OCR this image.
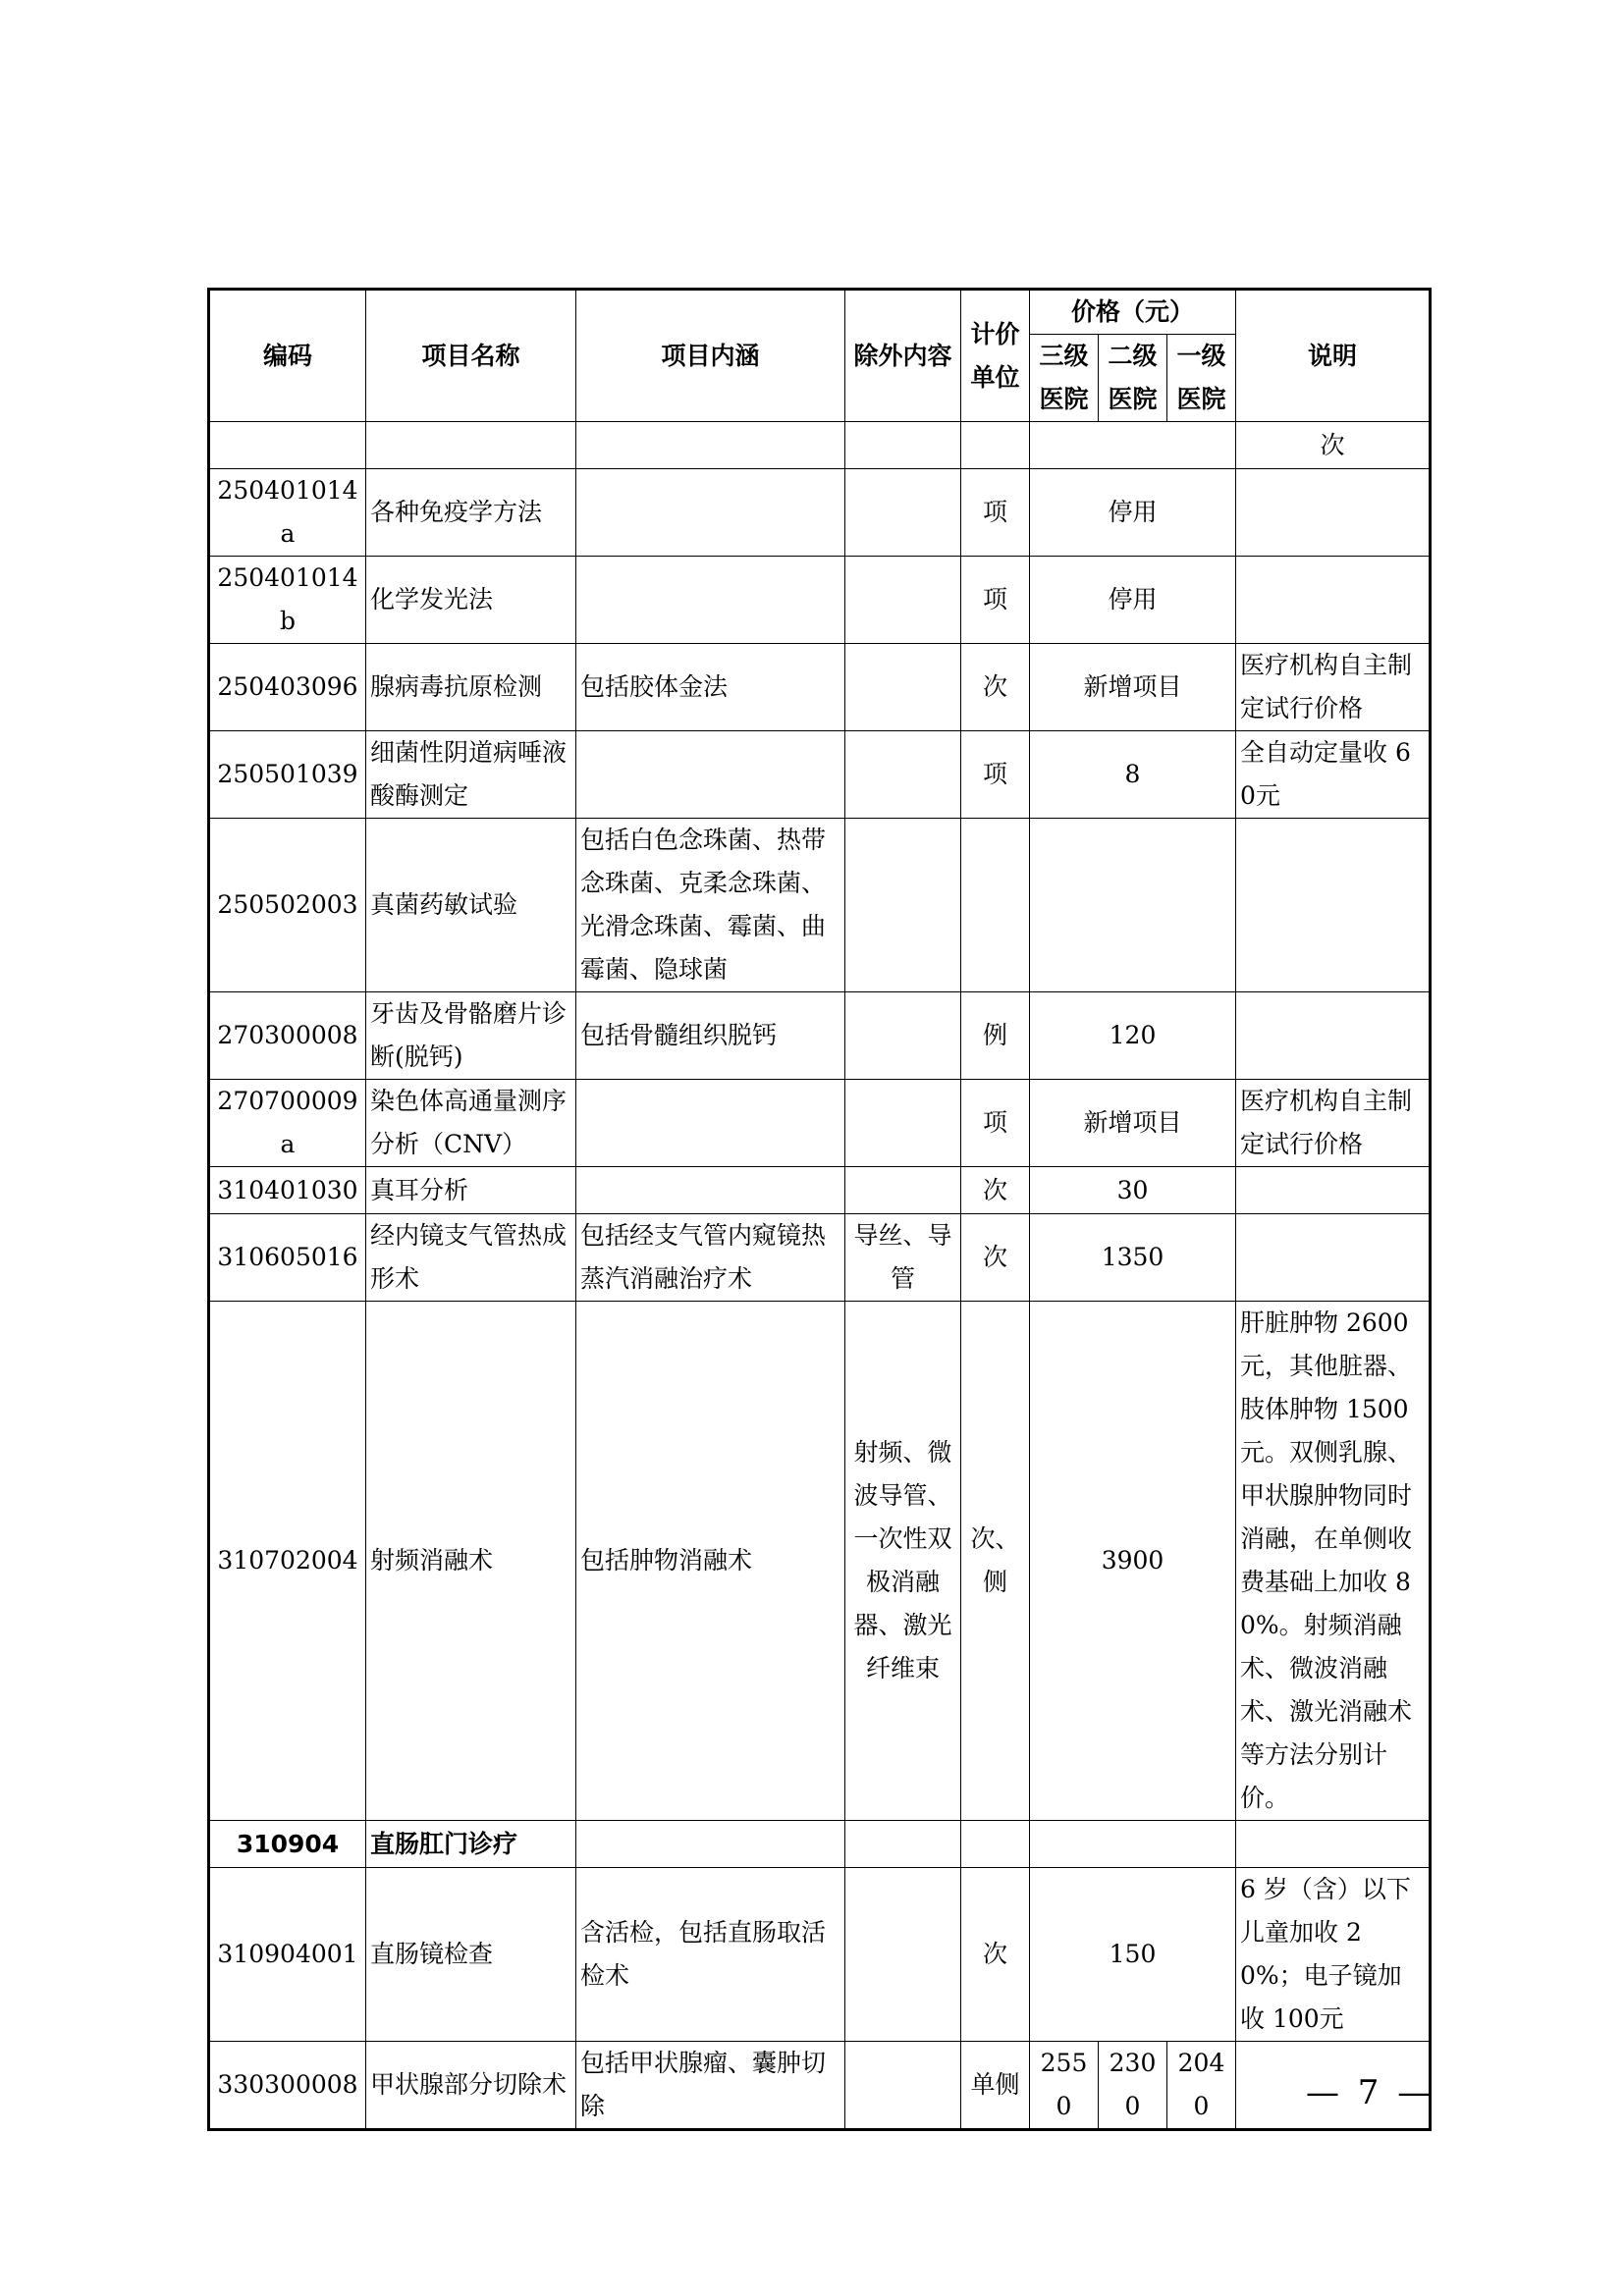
编码	项目名称	项目内涵	除外内容	计价单位	价格（元）			说明
					三级医院	二级医院	一级医院	
								次
250401014a	各种免疫学方法			项	停用			
250401014b	化学发光法			项	停用			
250403096	腺病毒抗原检测	包括胶体金法		次	新增项目			医疗机构自主制定试行价格
250501039	细菌性阴道病唾液酸酶测定			项	8			全自动定量收 60元
250502003	真菌药敏试验	包括白色念珠菌、热带念珠菌、克柔念珠菌、光滑念珠菌、霉菌、曲霉菌、隐球菌						
270300008	牙齿及骨骼磨片诊断(脱钙)	包括骨髓组织脱钙		例	120			
270700009a	染色体高通量测序分析（CNV）			项	新增项目			医疗机构自主制定试行价格
310401030	真耳分析			次	30			
310605016	经内镜支气管热成形术	包括经支气管内窥镜热蒸汽消融治疗术	导丝、导管	次	1350			
310702004	射频消融术	包括肿物消融术	射频、微波导管、一次性双极消融器、激光纤维束	次、侧	3900			肝脏肿物 2600元，其他脏器、肢体肿物 1500 元。双侧乳腺、甲状腺肿物同时消融，在单侧收费基础上加收 80%。射频消融术、微波消融术、激光消融术等方法分别计价。
310904	直肠肛门诊疗							
310904001	直肠镜检查	含活检，包括直肠取活检术		次	150			6 岁（含）以下儿童加收 20%；电子镜加收 100元
330300008	甲状腺部分切除术	包括甲状腺瘤、囊肿切除		单侧	2550	2300	2040		— 7 —
